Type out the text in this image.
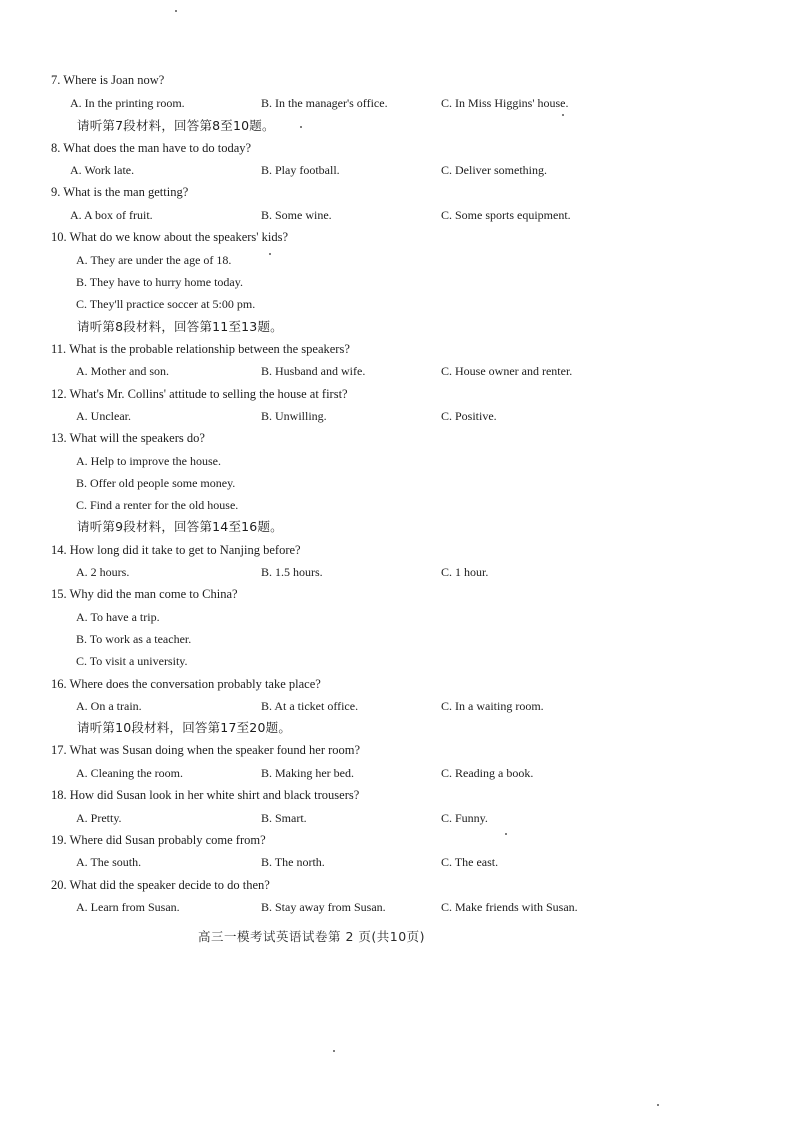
7. Where is Joan now?
A. In the printing room.	B. In the manager's office.	C. In Miss Higgins' house.
请听第7段材料，回答第8至10题。
8. What does the man have to do today?
A. Work late.	B. Play football.	C. Deliver something.
9. What is the man getting?
A. A box of fruit.	B. Some wine.	C. Some sports equipment.
10. What do we know about the speakers' kids?
A. They are under the age of 18.
B. They have to hurry home today.
C. They'll practice soccer at 5:00 pm.
请听第8段材料，回答第11至13题。
11. What is the probable relationship between the speakers?
A. Mother and son.	B. Husband and wife.	C. House owner and renter.
12. What's Mr. Collins' attitude to selling the house at first?
A. Unclear.	B. Unwilling.	C. Positive.
13. What will the speakers do?
A. Help to improve the house.
B. Offer old people some money.
C. Find a renter for the old house.
请听第9段材料，回答第14至16题。
14. How long did it take to get to Nanjing before?
A. 2 hours.	B. 1.5 hours.	C. 1 hour.
15. Why did the man come to China?
A. To have a trip.
B. To work as a teacher.
C. To visit a university.
16. Where does the conversation probably take place?
A. On a train.	B. At a ticket office.	C. In a waiting room.
请听第10段材料，回答第17至20题。
17. What was Susan doing when the speaker found her room?
A. Cleaning the room.	B. Making her bed.	C. Reading a book.
18. How did Susan look in her white shirt and black trousers?
A. Pretty.	B. Smart.	C. Funny.
19. Where did Susan probably come from?
A. The south.	B. The north.	C. The east.
20. What did the speaker decide to do then?
A. Learn from Susan.	B. Stay away from Susan.	C. Make friends with Susan.
高三一模考试英语试卷第 2 页(共10页)
